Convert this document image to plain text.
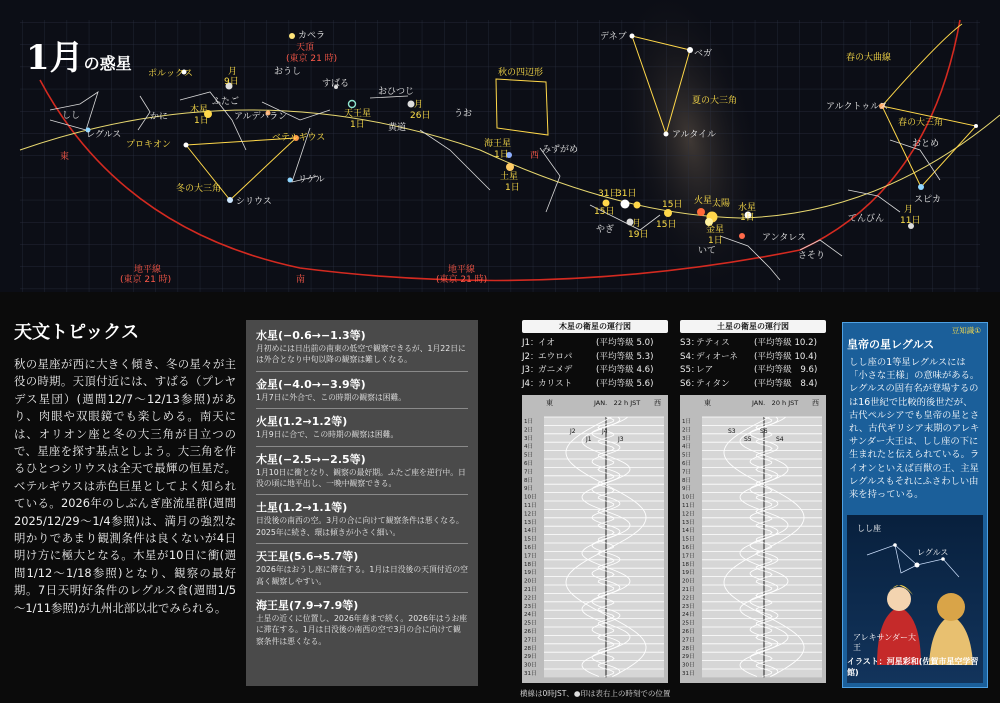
1月の惑星
カペラ
天頂
(東京 21 時)
ポルックス	月
9日
おうし
すばる
ふたご
おひつじ
月
26日
秋の四辺形
デネブ
ベガ
夏の大三角
アルタイル
春の大曲線
しし
レグルス
かに
木星
1日	アルデバラン	天王星
1日	黄道
うお
アルクトゥルス
春の大三角
プロキオン
ベテルギウス
海王星
1日
東	西
みずがめ
おとめ
リゲル	土星
1日
冬の大三角
シリウス
31日
31日
15日 火星 太陽 水星
スピカ
15日
やぎ
月
19日
15日	金星
1日
いて
アンタレス
さそり
てんびん
月
11日
地平線
(東京 21 時)	南
地平線
(東京 21 時)
1日
天文トピックス

秋の星座が西に大きく傾き、冬の星々が主役の時期。天頂付近には、すばる（プレヤデス星団）(週間12/7～12/13参照)があり、肉眼や双眼鏡でも楽しめる。南天には、オリオン座と冬の大三角が目立つので、星座を探す基点としよう。大三角を作るひとつシリウスは全天で最輝の恒星だ。ベテルギウスは赤色巨星としてよく知られている。2026年のしぶんぎ座流星群(週間2025/12/29～1/4参照)は、満月の強烈な明かりであまり観測条件は良くないが4日明け方に極大となる。木星が10日に衝(週間1/12～1/18参照)となり、観察の最好期。7日天明好条件のレグルス食(週間1/5～1/11参照)が九州北部以北でみられる。

水星(−0.6→−1.3等)
月初めには日出前の南東の低空で観察できるが、1月22日には外合となり中旬以降の観察は難しくなる。
金星(−4.0→−3.9等)
1月7日に外合で、この時期の観察は困難。
火星(1.2→1.2等)
1月9日に合で、この時期の観察は困難。
木星(−2.5→−2.5等)
1月10日に衝となり、観察の最好期。ふたご座を逆行中。日没の頃に地平出し、一晩中観察できる。
土星(1.2→1.1等)
日没後の南西の空。3月の合に向けて観察条件は悪くなる。2025年に続き、環は傾きが小さく細い。
天王星(5.6→5.7等)
2026年はおうし座に滞在する。1月は日没後の天頂付近の空高く観察しやすい。
海王星(7.9→7.9等)
土星の近くに位置し、2026年春まで続く。2026年はうお座に滞在する。1月は日没後の南西の空で3月の合に向けて観察条件は悪くなる。
木星の衛星の運行図
J1： イオ	(平均等級 5.0)
J2： エウロパ	(平均等級 5.3)
J3： ガニメデ	(平均等級 4.6)
J4： カリスト	(平均等級 5.6)
1日
2日
3日
4日
5日
6日
7日
8日
9日
10日
11日
12日
13日
14日
15日
16日
17日
18日
19日
20日
21日
22日
23日
24日
25日
26日
27日
28日
29日
30日
31日
東	西
JAN.　22 h JST
J2
J1
J4
J3
土星の衛星の運行図
S3：
テティス	(平均等級 10.2)
S4：
ディオーネ	(平均等級 10.4)
S5：
レア	(平均等級　9.6)
S6：
ティタン	(平均等級　8.4)
1日
2日
3日
4日
5日
6日
7日
8日
9日
10日
11日
12日
13日
14日
15日
16日
17日
18日
19日
20日
21日
22日
23日
24日
25日
26日
27日
28日
29日
30日
31日
東	西
JAN.　20 h JST
S3
S5
S6
S4
横線は0時JST、●印は表右上の時刻での位置
豆知識①
皇帝の星レグルス
しし座の1等星レグルスには「小さな王様」の意味がある。レグルスの固有名が登場するのは16世紀で比較的後世だが、古代ペルシアでも皇帝の星とされ、古代ギリシア末期のアレキサンダー大王は、しし座の下に生まれたと伝えられている。ライオンといえば百獣の王、主星レグルスもそれにふさわしい由来を持っている。
しし座
レグルス
アレキサンダー大王
イラスト：河星彩和(佐賀市星空学習館)
